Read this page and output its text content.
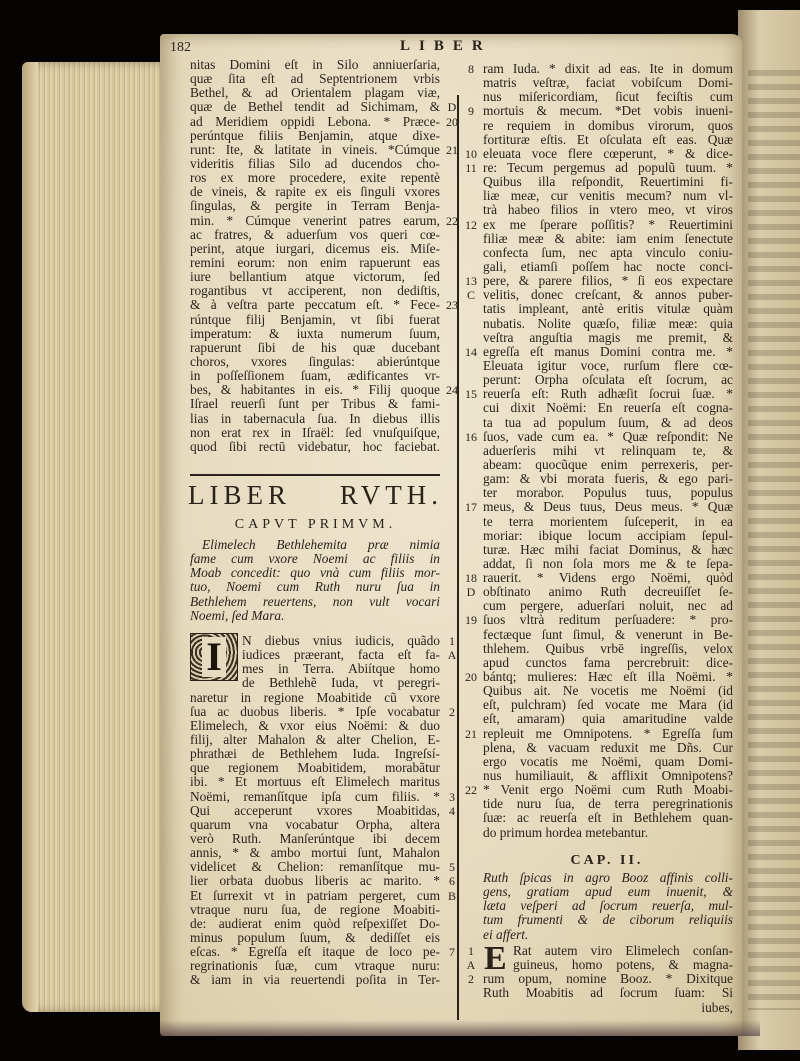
182	LIBER
nitas Domini eſt in Silo anniuerſaria,
quæ ſita eſt ad Septentrionem vrbis
Bethel, & ad Orientalem plagam viæ,
quæ de Bethel tendit ad Sichimam, & D
ad Meridiem oppidi Lebona. * Præce- 20
perúntque filiis Benjamin, atque dixe-
runt: Ite, & latitate in vineis. *Cúmque 21
videritis filias Silo ad ducendos cho-
ros ex more procedere, exite repentè
de vineis, & rapite ex eis ſinguli vxores
ſingulas, & pergite in Terram Benja-
min. * Cúmque venerint patres earum, 22
ac fratres, & aduerſum vos queri cœ-
perint, atque iurgari, dicemus eis. Miſe-
remini eorum: non enim rapuerunt eas
iure bellantium atque victorum, ſed
rogantibus vt acciperent, non dediſtis,
& à veſtra parte peccatum eſt. * Fece- 23
rúntque filij Benjamin, vt ſibi fuerat
imperatum: & iuxta numerum ſuum,
rapuerunt ſibi de his quæ ducebant
choros, vxores ſingulas: abierúntque
in poſſeſſionem ſuam, ædificantes vr-
bes, & habitantes in eis. * Filij quoque 24
Iſrael reuerſi ſunt per Tribus & fami-
lias in tabernacula ſua. In diebus illis
non erat rex in Iſraël: ſed vnuſquiſque,
quod ſibi rectū videbatur, hoc faciebat.
LIBER RVTH.
CAPVT PRIMVM.
Elimelech Bethlehemita præ nimia
fame cum vxore Noemi ac filiis in
Moab concedit: quo vnà cum filiis mor-
tuo, Noemi cum Ruth nuru ſua in
Bethlehem reuertens, non vult vocari
Noemi, ſed Mara.
I N diebus vnius iudicis, quãdo 1
iudices præerant, facta eſt fa- A
mes in Terra. Abiítque homo
de Bethlehẽ Iuda, vt peregri-
naretur in regione Moabitide cũ vxore
ſua ac duobus liberis. * Ipſe vocabatur 2
Elimelech, & vxor eius Noëmi: & duo
filij, alter Mahalon & alter Chelion, E-
phrathæi de Bethlehem Iuda. Ingreſsí-
que regionem Moabitidem, morabãtur
ibi. * Et mortuus eſt Elimelech maritus
Noëmi, remanſítque ipſa cum filiis. * 3
Qui acceperunt vxores Moabitidas, 4
quarum vna vocabatur Orpha, altera
verò Ruth. Manſerúntque ibi decem
annis, * & ambo mortui ſunt, Mahalon
videlicet & Chelion: remanſítque mu- 5
lier orbata duobus liberis ac marito. * 6
Et ſurrexit vt in patriam pergeret, cum B
vtraque nuru ſua, de regione Moabiti-
de: audierat enim quòd reſpexiſſet Do-
minus populum ſuum, & dediſſet eis
eſcas. * Egreſſa eſt itaque de loco pe- 7
regrinationis ſuæ, cum vtraque nuru:
& iam in via reuertendi poſita in Ter-
ram Iuda. * dixit ad eas. Ite in domum
8
matris veſtræ, faciat vobiſcum Domi-
nus miſericordiam, ſicut feciſtis cum
mortuis & mecum. *Det vobis inueni-
9
re requiem in domibus virorum, quos
fortituræ eſtis. Et oſculata eſt eas. Quæ
eleuata voce flere cœperunt, * & dice-
10
re: Tecum pergemus ad populũ tuum. *
11
Quibus illa reſpondit, Reuertimini fi-
liæ meæ, cur venitis mecum? num vl-
trà habeo filios in vtero meo, vt viros
ex me ſperare poſſitis? * Reuertimini
12
filiæ meæ & abite: iam enim ſenectute
confecta ſum, nec apta vinculo coniu-
gali, etiamſi poſſem hac nocte conci-
pere, & parere filios, * ſi eos expectare
13
velitis, donec creſcant, & annos puber-
C
tatis impleant, antè eritis vitulæ quàm
nubatis. Nolite quæſo, filiæ meæ: quia
veſtra anguſtia magis me premit, &
egreſſa eſt manus Domini contra me. *
14
Eleuata igitur voce, rurſum flere cœ-
perunt: Orpha oſculata eſt ſocrum, ac
reuerſa eſt: Ruth adhæſit ſocrui ſuæ. *
15
cui dixit Noëmi: En reuerſa eſt cogna-
ta tua ad populum ſuum, & ad deos
ſuos, vade cum ea. * Quæ reſpondit: Ne
16
aduerſeris mihi vt relinquam te, &
abeam: quocũque enim perrexeris, per-
gam: & vbi morata fueris, & ego pari-
ter morabor. Populus tuus, populus
meus, & Deus tuus, Deus meus. * Quæ
17
te terra morientem ſuſceperit, in ea
moriar: ibique locum accipiam ſepul-
turæ. Hæc mihi faciat Dominus, & hæc
addat, ſi non ſola mors me & te ſepa-
rauerit. * Videns ergo Noëmi, quòd
18
obſtinato animo Ruth decreuiſſet ſe-
D
cum pergere, aduerſari noluit, nec ad
ſuos vltrà reditum perſuadere: * pro-
19
fectæque ſunt ſimul, & venerunt in Be-
thlehem. Quibus vrbē ingreſſis, velox
apud cunctos fama percrebruit: dice-
bántq; mulieres: Hæc eſt illa Noëmi. *
20
Quibus ait. Ne vocetis me Noëmi (id
eſt, pulchram) ſed vocate me Mara (id
eſt, amaram) quia amaritudine valde
repleuit me Omnipotens. * Egreſſa ſum
21
plena, & vacuam reduxit me Dñs. Cur
ergo vocatis me Noëmi, quam Domi-
nus humiliauit, & afflixit Omnipotens?
* Venit ergo Noëmi cum Ruth Moabi-
22
tide nuru ſua, de terra peregrinationis
ſuæ: ac reuerſa eſt in Bethlehem quan-
do primum hordea metebantur.
CAP. II.
Ruth ſpicas in agro Booz affinis colli-
gens, gratiam apud eum inuenit, &
læta veſperi ad ſocrum reuerſa, mul-
tum frumenti & de ciborum reliquiis
ei affert.
E Rat autem viro Elimelech conſan-
1
guineus, homo potens, & magna-
A
rum opum, nomine Booz. * Dixitque
2
Ruth Moabitis ad ſocrum ſuam: Si
iubes,
